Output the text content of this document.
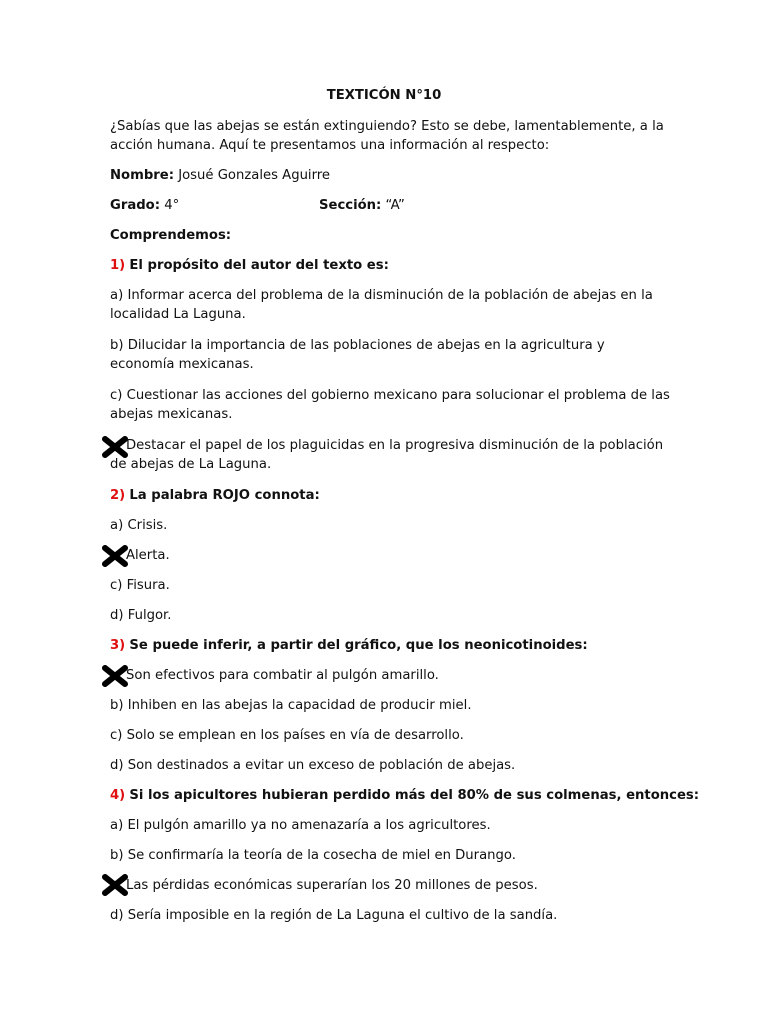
TEXTICÓN N°10
¿Sabías que las abejas se están extinguiendo? Esto se debe, lamentablemente, a la
acción humana. Aquí te presentamos una información al respecto:
Nombre: Josué Gonzales Aguirre
Grado: 4°	Sección: “A”
Comprendemos:
1) El propósito del autor del texto es:
a) Informar acerca del problema de la disminución de la población de abejas en la
localidad La Laguna.
b) Dilucidar la importancia de las poblaciones de abejas en la agricultura y
economía mexicanas.
c) Cuestionar las acciones del gobierno mexicano para solucionar el problema de las
abejas mexicanas.
Destacar el papel de los plaguicidas en la progresiva disminución de la población
de abejas de La Laguna.
2) La palabra ROJO connota:
a) Crisis.
Alerta.
c) Fisura.
d) Fulgor.
3) Se puede inferir, a partir del gráfico, que los neonicotinoides:
Son efectivos para combatir al pulgón amarillo.
b) Inhiben en las abejas la capacidad de producir miel.
c) Solo se emplean en los países en vía de desarrollo.
d) Son destinados a evitar un exceso de población de abejas.
4) Si los apicultores hubieran perdido más del 80% de sus colmenas, entonces:
a) El pulgón amarillo ya no amenazaría a los agricultores.
b) Se confirmaría la teoría de la cosecha de miel en Durango.
Las pérdidas económicas superarían los 20 millones de pesos.
d) Sería imposible en la región de La Laguna el cultivo de la sandía.
